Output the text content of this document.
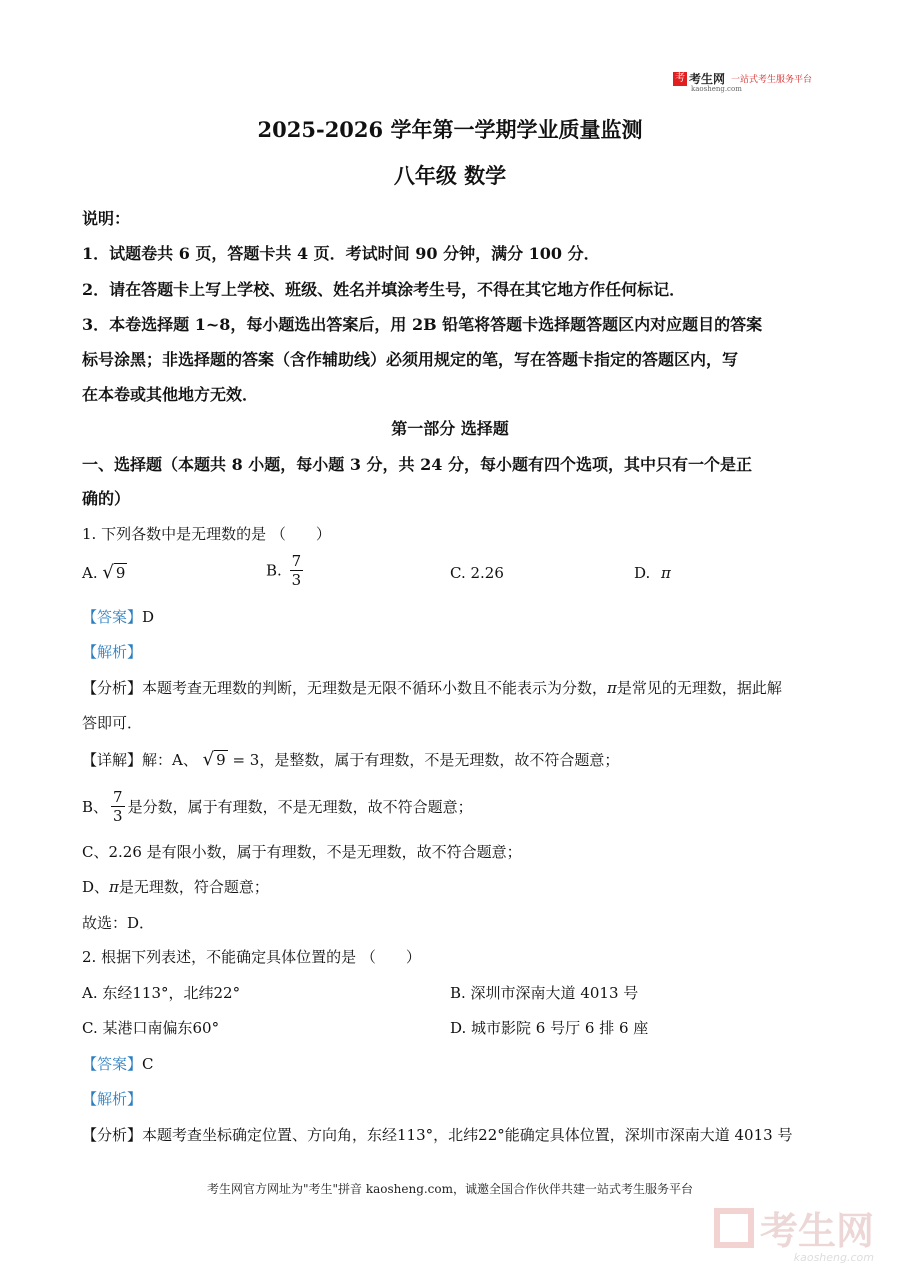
考 考生网 一站式考生服务平台
kaosheng.com
2025-2026 学年第一学期学业质量监测
八年级 数学
说明：
1．试题卷共 6 页，答题卡共 4 页．考试时间 90 分钟，满分 100 分．
2．请在答题卡上写上学校、班级、姓名并填涂考生号，不得在其它地方作任何标记．
3．本卷选择题 1~8，每小题选出答案后，用 2B 铅笔将答题卡选择题答题区内对应题目的答案
标号涂黑；非选择题的答案（含作辅助线）必须用规定的笔，写在答题卡指定的答题区内，写
在本卷或其他地方无效．
第一部分 选择题
一、选择题（本题共 8 小题，每小题 3 分，共 24 分，每小题有四个选项，其中只有一个是正
确的）
1. 下列各数中是无理数的是 （　　）
A. √ 9	B. $\frac{7}{3}$	C. 2.26	D. π
【答案】D
【解析】
【分析】本题考查无理数的判断，无理数是无限不循环小数且不能表示为分数，π是常见的无理数，据此解
答即可．
【详解】解：A、 √ 9 = 3，是整数，属于有理数，不是无理数，故不符合题意；
B、 $\frac{7}{3}$ 是分数，属于有理数，不是无理数，故不符合题意；
C、2.26 是有限小数，属于有理数，不是无理数，故不符合题意；
D、π是无理数，符合题意；
故选：D．
2. 根据下列表述，不能确定具体位置的是 （　　）
A. 东经113°，北纬22°	B. 深圳市深南大道 4013 号
C. 某港口南偏东60°	D. 城市影院 6 号厅 6 排 6 座
【答案】C
【解析】
【分析】本题考查坐标确定位置、方向角，东经113°，北纬22°能确定具体位置，深圳市深南大道 4013 号
考生网官方网址为"考生"拼音 kaosheng.com，诚邀全国合作伙伴共建一站式考生服务平台
考生网
kaosheng.com
